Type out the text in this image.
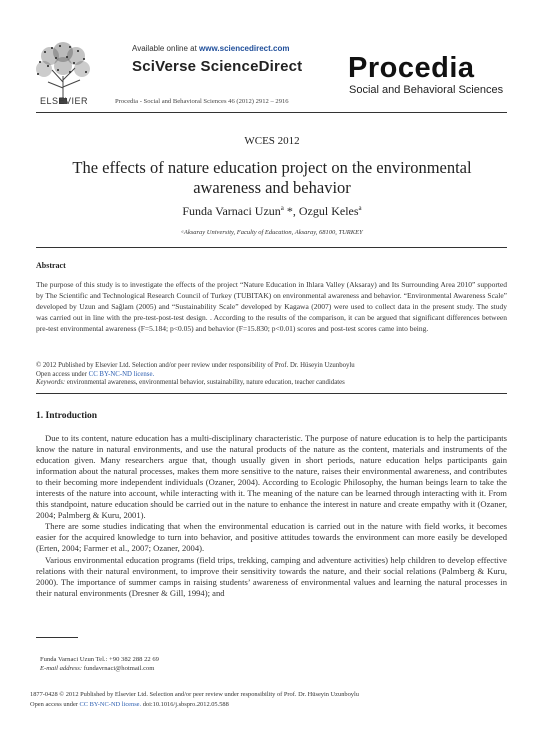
ELSEVIER
Available online at www.sciencedirect.com
SciVerse ScienceDirect
Procedia - Social and Behavioral Sciences 46 (2012) 2912 – 2916
Procedia
Social and Behavioral Sciences
WCES 2012
The effects of nature education project on the environmental awareness and behavior
Funda Varnaci Uzun$^a$ *, Ozgul Keles$^a$
ᵃAksaray University, Faculty of Education, Aksaray, 68100, TURKEY
Abstract
The purpose of this study is to investigate the effects of the project “Nature Education in Ihlara Valley (Aksaray) and Its Surrounding Area 2010” supported by The Scientific and Technological Research Council of Turkey (TUBITAK) on environmental awareness and behavior. “Environmental Awareness Scale” developed by Uzun and Sağlam (2005) and “Sustainability Scale” developed by Kagawa (2007) were used to collect data in the present study. The study was carried out in line with the pre-test-post-test design. . According to the results of the comparison, it can be argued that significant differences between pre-test environmental awareness (F=5.184; p<0.05) and behavior (F=15.830; p<0.01) scores and post-test scores came into being.
© 2012 Published by Elsevier Ltd. Selection and/or peer review under responsibility of Prof. Dr. Hüseyin Uzunboylu
Open access under CC BY-NC-ND license.
Keywords: environmental awareness, environmental behavior, sustainability, nature education, teacher candidates
1. Introduction

Due to its content, nature education has a multi-disciplinary characteristic. The purpose of nature education is to help the participants know the nature in natural environments, and use the natural products of the nature as the content, materials and instruments of the education given. Many researchers argue that, though usually given in short periods, nature education helps participants gain information about the natural processes, makes them more sensitive to the nature, raises their environmental awareness, and contributes to their becoming more independent individuals (Ozaner, 2004). According to Ecologic Philosophy, the human beings learn to take the interests of the nature into account, while interacting with it. The meaning of the nature can be learned through interacting with it. From this standpoint, nature education should be carried out in the nature to enhance the interest in nature and create empathy with it (Ozaner, 2004; Palmberg & Kuru, 2001).

There are some studies indicating that when the environmental education is carried out in the nature with field works, it becomes easier for the acquired knowledge to turn into behavior, and positive attitudes towards the environment can more easily be developed (Erten, 2004; Farmer et al., 2007; Ozaner, 2004).

Various environmental education programs (field trips, trekking, camping and adventure activities) help children to develop effective relations with their natural environment, to improve their sensitivity towards the nature, and their social relations (Palmberg & Kuru, 2000). The importance of summer camps in raising students’ awareness of environmental values and learning the natural processes in their natural environments (Dresner & Gill, 1994); and

Funda Varnaci Uzun Tel.: +90 382 288 22 69
E-mail address: fundavrnaci@hotmail.com
1877-0428 © 2012 Published by Elsevier Ltd. Selection and/or peer review under responsibility of Prof. Dr. Hüseyin Uzunboylu
Open access under CC BY-NC-ND license. doi:10.1016/j.sbspro.2012.05.588
